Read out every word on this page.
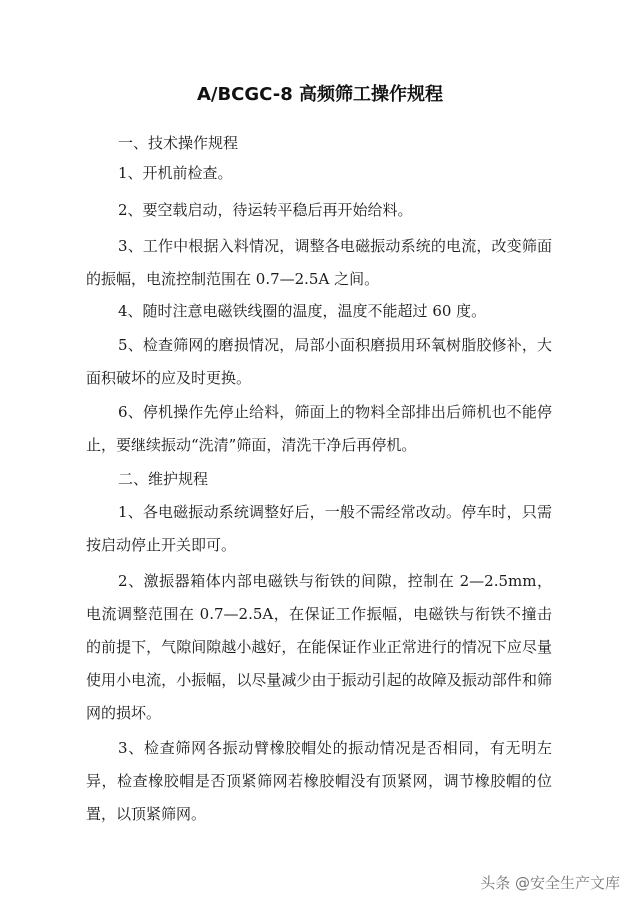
A/BCGC-8 高频筛工操作规程
一、技术操作规程

1、开机前检查。

2、要空载启动，待运转平稳后再开始给料。

3、工作中根据入料情况，调整各电磁振动系统的电流，改变筛面的振幅，电流控制范围在 0.7—2.5A 之间。

4、随时注意电磁铁线圈的温度，温度不能超过 60 度。

5、检查筛网的磨损情况，局部小面积磨损用环氧树脂胶修补，大面积破坏的应及时更换。

6、停机操作先停止给料，筛面上的物料全部排出后筛机也不能停止，要继续振动“洗清”筛面，清洗干净后再停机。

二、维护规程

1、各电磁振动系统调整好后，一般不需经常改动。停车时，只需按启动停止开关即可。

2、激振器箱体内部电磁铁与衔铁的间隙，控制在 2—2.5mm，电流调整范围在 0.7—2.5A，在保证工作振幅，电磁铁与衔铁不撞击的前提下，气隙间隙越小越好，在能保证作业正常进行的情况下应尽量使用小电流，小振幅，以尽量减少由于振动引起的故障及振动部件和筛网的损坏。

3、检查筛网各振动臂橡胶帽处的振动情况是否相同，有无明左异，检查橡胶帽是否顶紧筛网若橡胶帽没有顶紧网，调节橡胶帽的位置，以顶紧筛网。

头条 @安全生产文库
